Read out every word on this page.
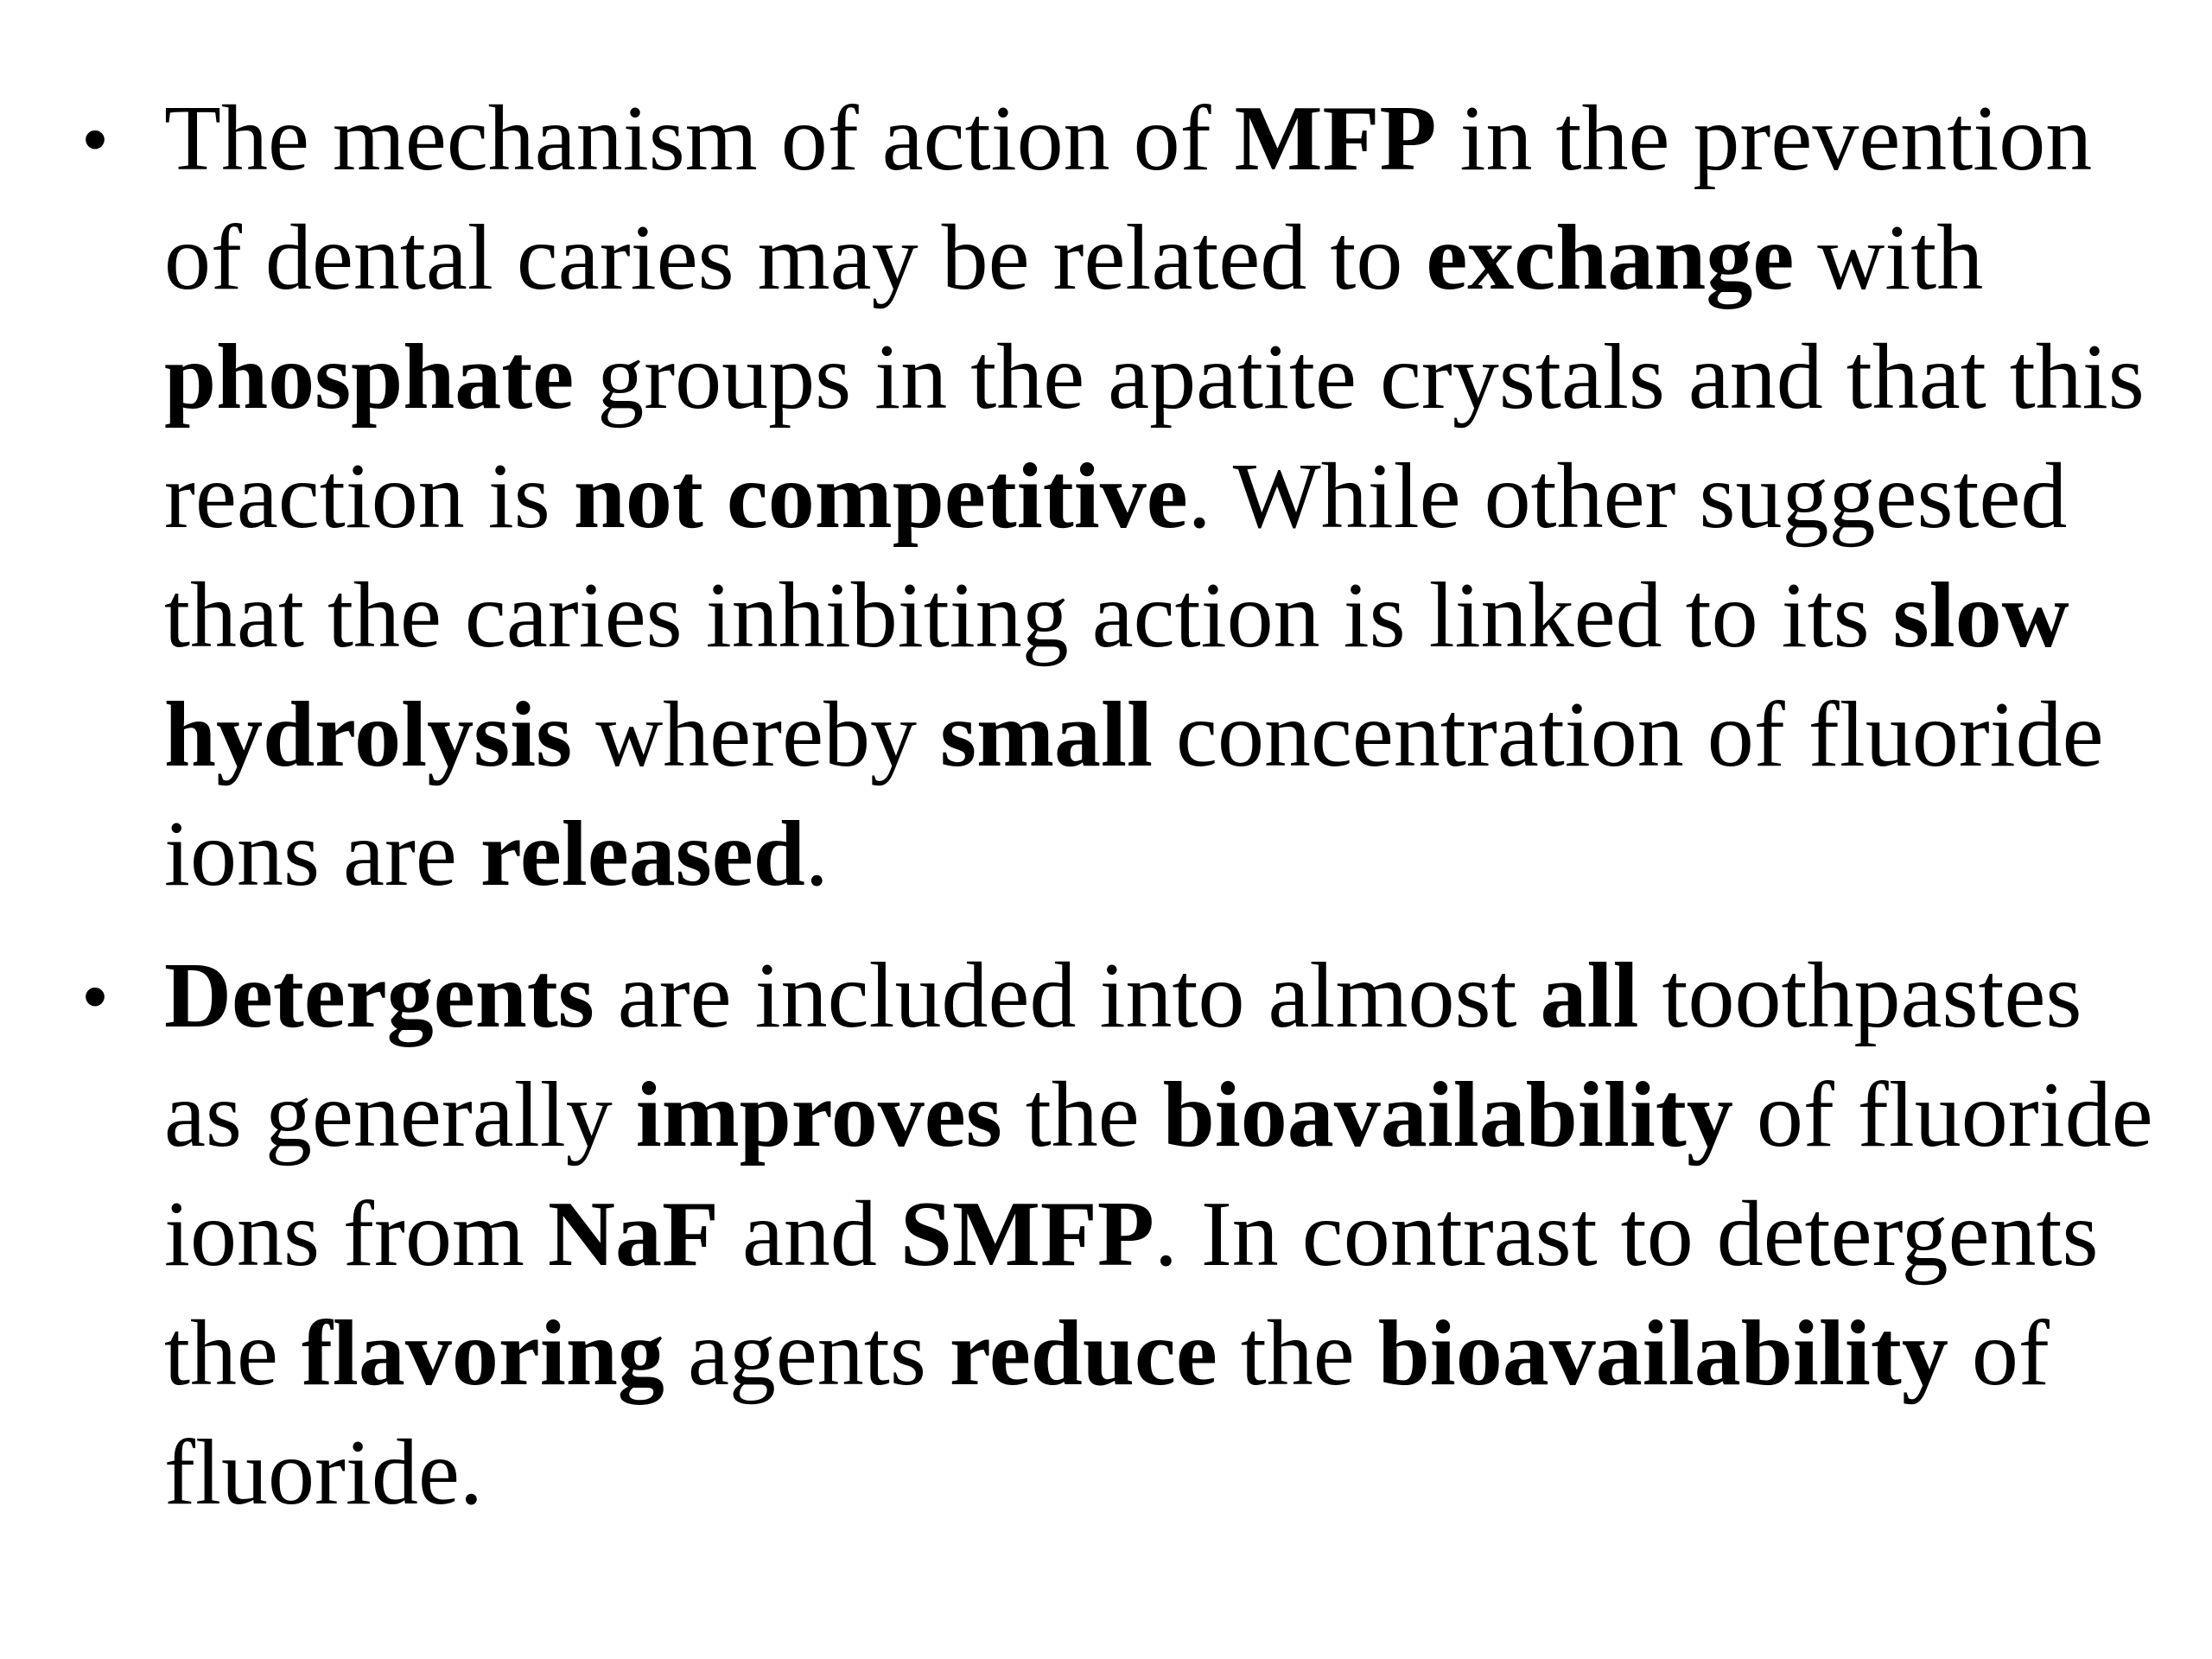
• The mechanism of action of MFP in the prevention of dental caries may be related to exchange with phosphate groups in the apatite crystals and that this reaction is not competitive. While other suggested that the caries inhibiting action is linked to its slow hydrolysis whereby small concentration of fluoride ions are released.
• Detergents are included into almost all toothpastes as generally improves the bioavailability of fluoride ions from NaF and SMFP. In contrast to detergents the flavoring agents reduce the bioavailability of fluoride.
